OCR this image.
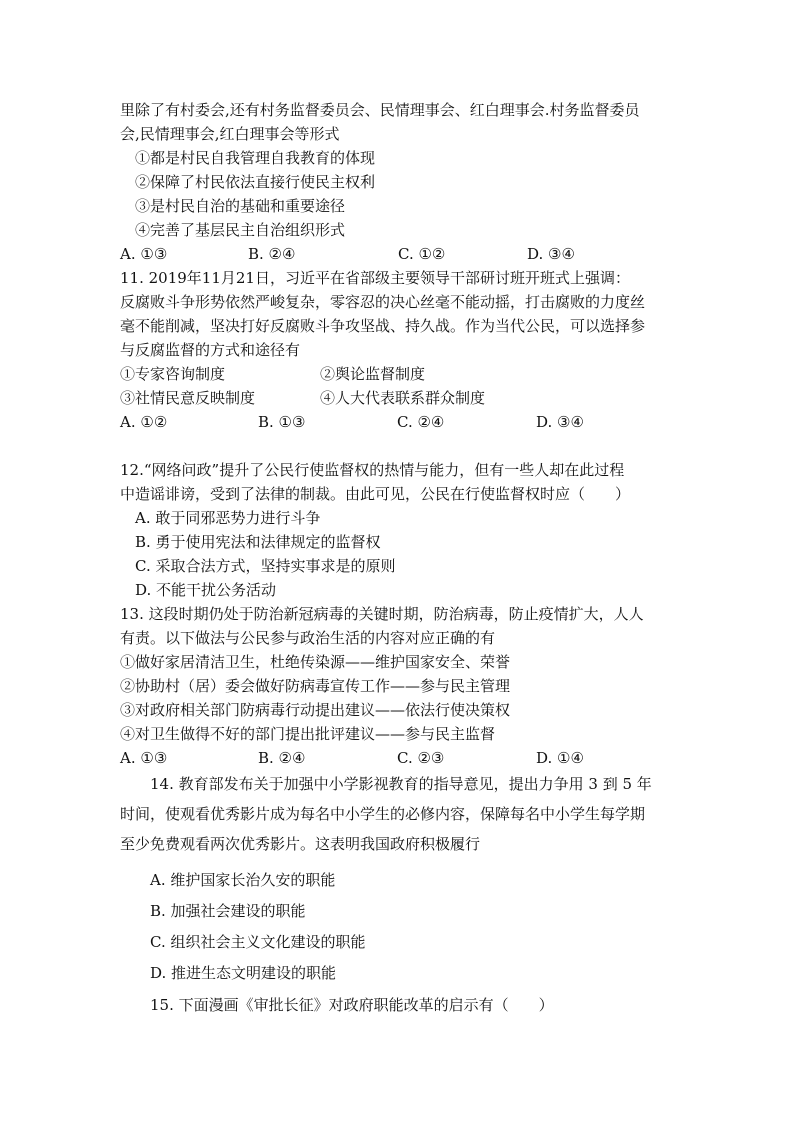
里除了有村委会,还有村务监督委员会、民情理事会、红白理事会.村务监督委员
会,民情理事会,红白理事会等形式
①都是村民自我管理自我教育的体现
②保障了村民依法直接行使民主权利
③是村民自治的基础和重要途径
④完善了基层民主自治组织形式
A. ①③	B. ②④	C. ①②	D. ③④
11. 2019年11月21日，习近平在省部级主要领导干部研讨班开班式上强调：
反腐败斗争形势依然严峻复杂，零容忍的决心丝毫不能动摇，打击腐败的力度丝
毫不能削减，坚决打好反腐败斗争攻坚战、持久战。作为当代公民，可以选择参
与反腐监督的方式和途径有
①专家咨询制度	②舆论监督制度
③社情民意反映制度	④人大代表联系群众制度
A. ①②	B. ①③	C. ②④	D. ③④
12.“网络问政”提升了公民行使监督权的热情与能力，但有一些人却在此过程
中造谣诽谤，受到了法律的制裁。由此可见，公民在行使监督权时应（　　）
A. 敢于同邪恶势力进行斗争
B. 勇于使用宪法和法律规定的监督权
C. 采取合法方式，坚持实事求是的原则
D. 不能干扰公务活动
13. 这段时期仍处于防治新冠病毒的关键时期，防治病毒，防止疫情扩大，人人
有责。以下做法与公民参与政治生活的内容对应正确的有
①做好家居清洁卫生，杜绝传染源——维护国家安全、荣誉
②协助村（居）委会做好防病毒宣传工作——参与民主管理
③对政府相关部门防病毒行动提出建议——依法行使决策权
④对卫生做得不好的部门提出批评建议——参与民主监督
A. ①③	B. ②④	C. ②③	D. ①④
14. 教育部发布关于加强中小学影视教育的指导意见，提出力争用 3 到 5 年
时间，使观看优秀影片成为每名中小学生的必修内容，保障每名中小学生每学期
至少免费观看两次优秀影片。这表明我国政府积极履行
A. 维护国家长治久安的职能
B. 加强社会建设的职能
C. 组织社会主义文化建设的职能
D. 推进生态文明建设的职能
15. 下面漫画《审批长征》对政府职能改革的启示有（　　）
